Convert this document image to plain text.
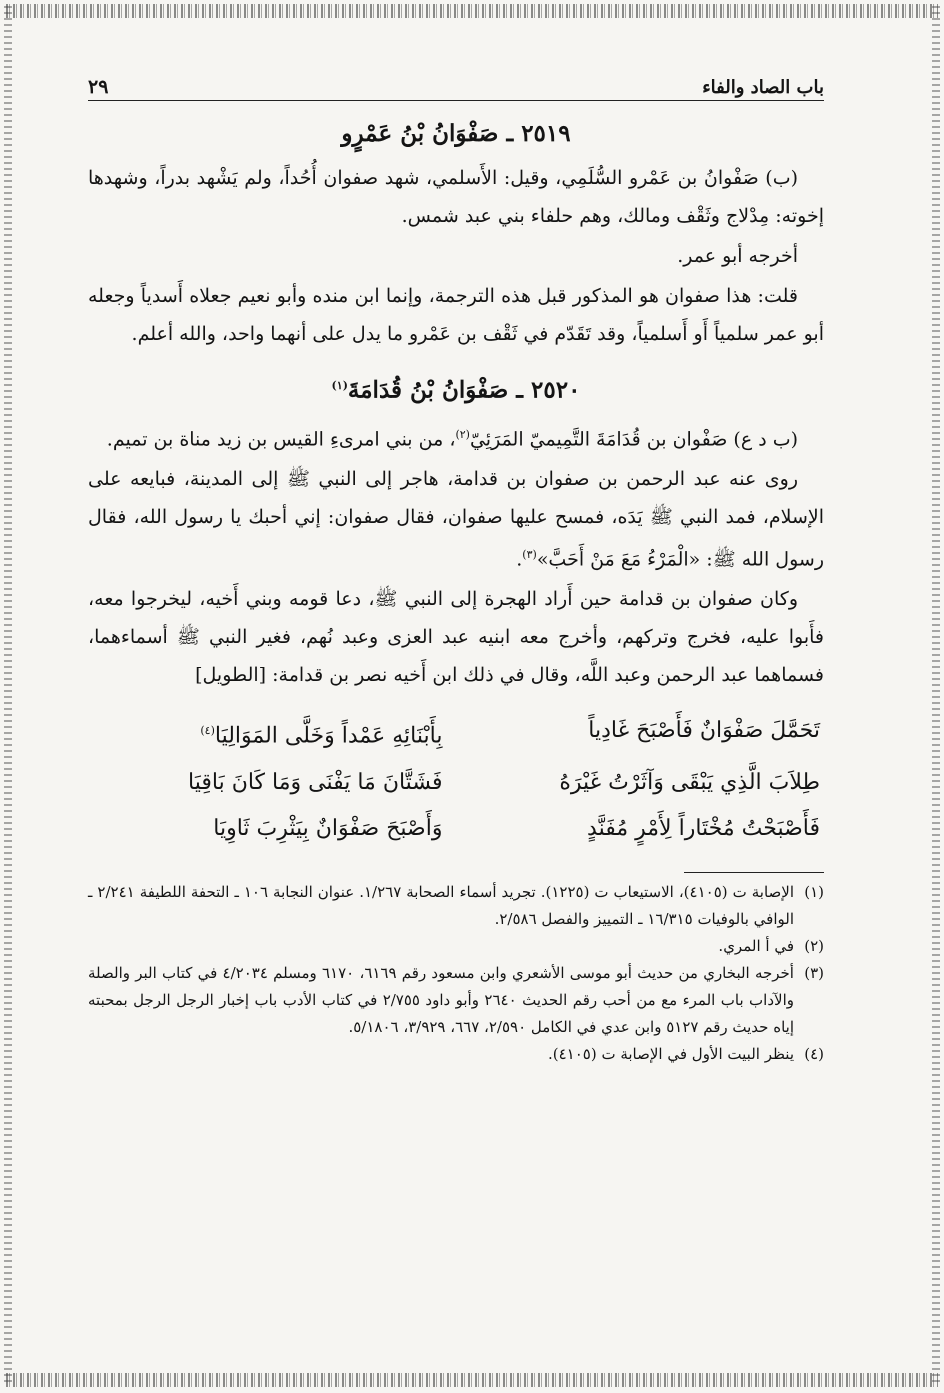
باب الصاد والفاء
٢٩
٢٥١٩ ـ صَفْوَانُ بْنُ عَمْرٍو

(ب) صَفْوانُ بن عَمْرو السُّلَمِي، وقيل: الأَسلمي، شهد صفوان أُحُداً، ولم يَشْهد بدراً، وشهدها إخوته: مِدْلاج وثَقْف ومالك، وهم حلفاء بني عبد شمس.

أخرجه أبو عمر.

قلت: هذا صفوان هو المذكور قبل هذه الترجمة، وإنما ابن منده وأبو نعيم جعلاه أَسدياً وجعله أبو عمر سلمياً أَو أَسلمياً، وقد تَقَدّم في ثَقْف بن عَمْرو ما يدل على أنهما واحد، والله أعلم.

٢٥٢٠ ـ صَفْوَانُ بْنُ قُدَامَةَ$^{(١)}$

(ب د ع) صَفْوان بن قُدَامَةَ التَّمِيميّ المَرَئِيّ$^{(٢)}$، من بني امرىءِ القيس بن زيد مناة بن تميم.

روى عنه عبد الرحمن بن صفوان بن قدامة، هاجر إلى النبي ﷺ إلى المدينة، فبايعه على الإسلام، فمد النبي ﷺ يَدَه، فمسح عليها صفوان، فقال صفوان: إني أحبك يا رسول الله، فقال رسول الله ﷺ: «الْمَرْءُ مَعَ مَنْ أَحَبَّ»$^{(٣)}$.

وكان صفوان بن قدامة حين أَراد الهجرة إلى النبي ﷺ، دعا قومه وبني أَخيه، ليخرجوا معه، فأَبوا عليه، فخرج وتركهم، وأخرج معه ابنيه عبد العزى وعبد نُهم، فغير النبي ﷺ أسماءهما، فسماهما عبد الرحمن وعبد اللَّه، وقال في ذلك ابن أَخيه نصر بن قدامة: [الطويل]

تَحَمَّلَ صَفْوَانٌ فَأَصْبَحَ غَادِياً
بِأَبْنَائِهِ عَمْداً وَخَلَّى المَوَالِيَا$^{(٤)}$
طِلاَبَ الَّذِي يَبْقَى وَآثَرْتُ غَيْرَهُ
فَشَتَّانَ مَا يَفْنَى وَمَا كَانَ بَاقِيَا
فَأَصْبَحْتُ مُخْتَاراً لِأَمْرٍ مُفَنَّدٍ
وَأَصْبَحَ صَفْوَانٌ بِيَثْرِبَ ثَاوِيَا
(١)
الإصابة ت (٤١٠٥)، الاستيعاب ت (١٢٢٥). تجريد أسماء الصحابة ١/٢٦٧. عنوان النجابة ١٠٦ ـ التحفة اللطيفة ٢/٢٤١ ـ الوافي بالوفيات ١٦/٣١٥ ـ التمييز والفصل ٢/٥٨٦.
(٢)
في أ المري.
(٣)
أخرجه البخاري من حديث أبو موسى الأشعري وابن مسعود رقم ٦١٦٩، ٦١٧٠ ومسلم ٤/٢٠٣٤ في كتاب البر والصلة والآداب باب المرء مع من أحب رقم الحديث ٢٦٤٠ وأبو داود ٢/٧٥٥ في كتاب الأدب باب إخبار الرجل الرجل بمحبته إياه حديث رقم ٥١٢٧ وابن عدي في الكامل ٢/٥٩٠، ٦٦٧، ٣/٩٢٩، ٥/١٨٠٦.
(٤)
ينظر البيت الأول في الإصابة ت (٤١٠٥).
